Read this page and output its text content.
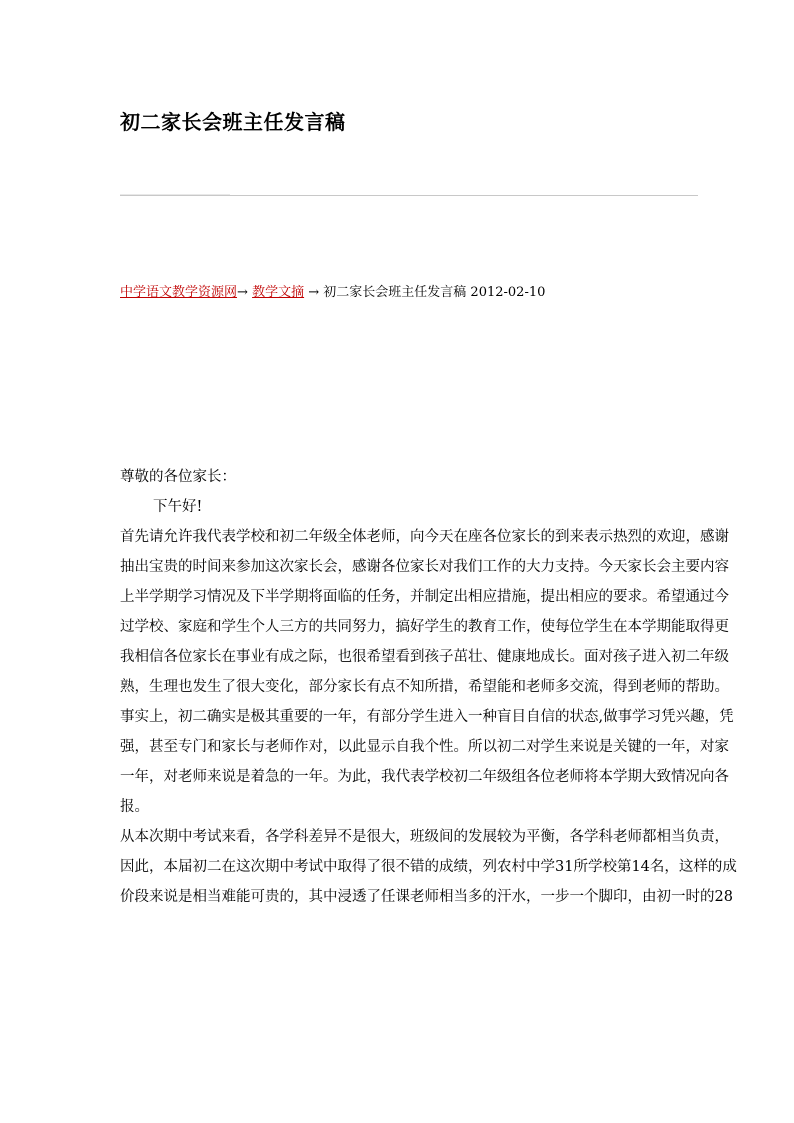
初二家长会班主任发言稿
中学语文教学资源网→ 教学文摘 → 初二家长会班主任发言稿 2012-02-10

尊敬的各位家长：

下午好!

首先请允许我代表学校和初二年级全体老师，向今天在座各位家长的到来表示热烈的欢迎，感谢

抽出宝贵的时间来参加这次家长会，感谢各位家长对我们工作的大力支持。今天家长会主要内容

上半学期学习情况及下半学期将面临的任务，并制定出相应措施，提出相应的要求。希望通过今

过学校、家庭和学生个人三方的共同努力，搞好学生的教育工作，使每位学生在本学期能取得更

我相信各位家长在事业有成之际，也很希望看到孩子茁壮、健康地成长。面对孩子进入初二年级

熟，生理也发生了很大变化，部分家长有点不知所措，希望能和老师多交流，得到老师的帮助。

事实上，初二确实是极其重要的一年，有部分学生进入一种盲目自信的状态,做事学习凭兴趣，凭

强，甚至专门和家长与老师作对，以此显示自我个性。所以初二对学生来说是关键的一年，对家

一年，对老师来说是着急的一年。为此，我代表学校初二年级组各位老师将本学期大致情况向各

报。

从本次期中考试来看，各学科差异不是很大，班级间的发展较为平衡，各学科老师都相当负责，

因此，本届初二在这次期中考试中取得了很不错的成绩，列农村中学31所学校第14名，这样的成

价段来说是相当难能可贵的，其中浸透了任课老师相当多的汗水，一步一个脚印，由初一时的28
